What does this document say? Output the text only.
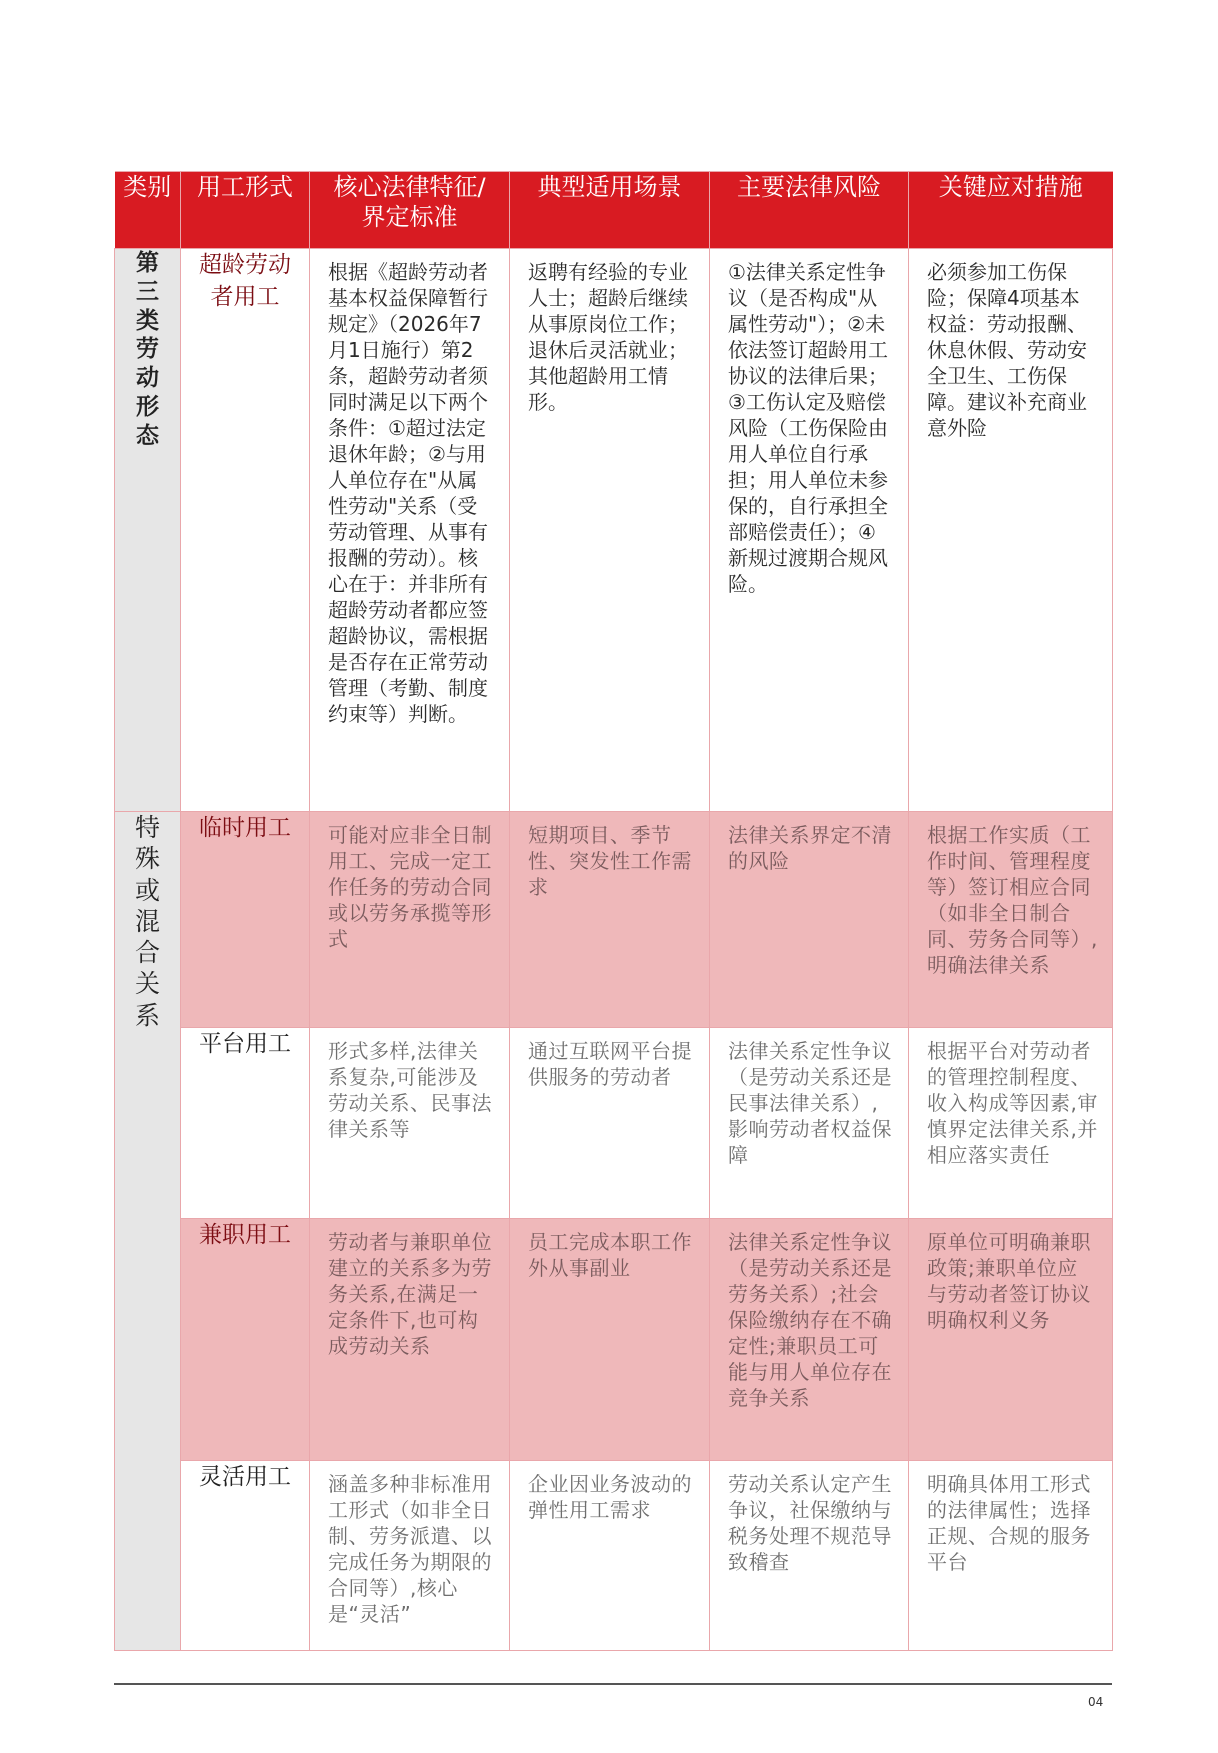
类别	用工形式	核心法律特征/界定标准	典型适用场景	主要法律风险	关键应对措施
第三类劳动形态	超龄劳动者用工	根据《超龄劳动者基本权益保障暂行规定》（2026年7月1日施行）第2条，超龄劳动者须同时满足以下两个条件：①超过法定退休年龄；②与用人单位存在"从属性劳动"关系（受劳动管理、从事有报酬的劳动）。核心在于：并非所有超龄劳动者都应签超龄协议，需根据是否存在正常劳动管理（考勤、制度约束等）判断。	返聘有经验的专业人士；超龄后继续从事原岗位工作；退休后灵活就业；其他超龄用工情形。	①法律关系定性争议（是否构成"从属性劳动"）；②未依法签订超龄用工协议的法律后果；③工伤认定及赔偿风险（工伤保险由用人单位自行承担；用人单位未参保的，自行承担全部赔偿责任）；④新规过渡期合规风险。	必须参加工伤保险；保障4项基本权益：劳动报酬、休息休假、劳动安全卫生、工伤保障。建议补充商业意外险
特殊或混合关系	临时用工	可能对应非全日制用工、完成一定工作任务的劳动合同或以劳务承揽等形式	短期项目、季节性、突发性工作需求	法律关系界定不清的风险	根据工作实质（工作时间、管理程度等）签订相应合同（如非全日制合同、劳务合同等）,明确法律关系
	平台用工	形式多样,法律关系复杂,可能涉及劳动关系、民事法律关系等	通过互联网平台提供服务的劳动者	法律关系定性争议（是劳动关系还是民事法律关系）,影响劳动者权益保障	根据平台对劳动者的管理控制程度、收入构成等因素,审慎界定法律关系,并相应落实责任
	兼职用工	劳动者与兼职单位建立的关系多为劳务关系,在满足一定条件下,也可构成劳动关系	员工完成本职工作外从事副业	法律关系定性争议（是劳动关系还是劳务关系）;社会保险缴纳存在不确定性;兼职员工可能与用人单位存在竞争关系	原单位可明确兼职政策;兼职单位应与劳动者签订协议明确权利义务
	灵活用工	涵盖多种非标准用工形式（如非全日制、劳务派遣、以完成任务为期限的合同等）,核心是“灵活”	企业因业务波动的弹性用工需求	劳动关系认定产生争议，社保缴纳与税务处理不规范导致稽查	明确具体用工形式的法律属性；选择正规、合规的服务平台
04
